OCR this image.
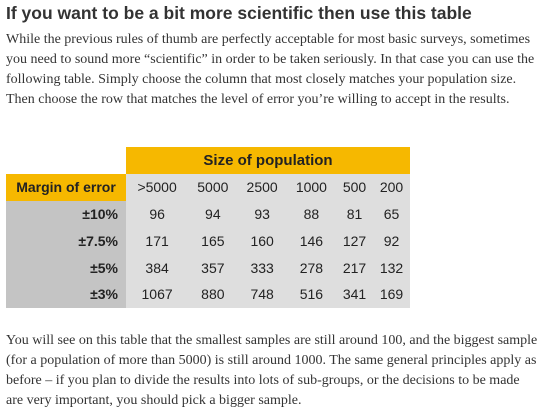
If you want to be a bit more scientific then use this table

While the previous rules of thumb are perfectly acceptable for most basic surveys, sometimes you need to sound more “scientific” in order to be taken seriously. In that case you can use the following table. Simply choose the column that most closely matches your population size. Then choose the row that matches the level of error you’re willing to accept in the results.

	Size of population					
Margin of error	>5000	5000	2500	1000	500	200
±10%	96	94	93	88	81	65
±7.5%	171	165	160	146	127	92
±5%	384	357	333	278	217	132
±3%	1067	880	748	516	341	169

You will see on this table that the smallest samples are still around 100, and the biggest sample (for a population of more than 5000) is still around 1000. The same general principles apply as before – if you plan to divide the results into lots of sub-groups, or the decisions to be made are very important, you should pick a bigger sample.
